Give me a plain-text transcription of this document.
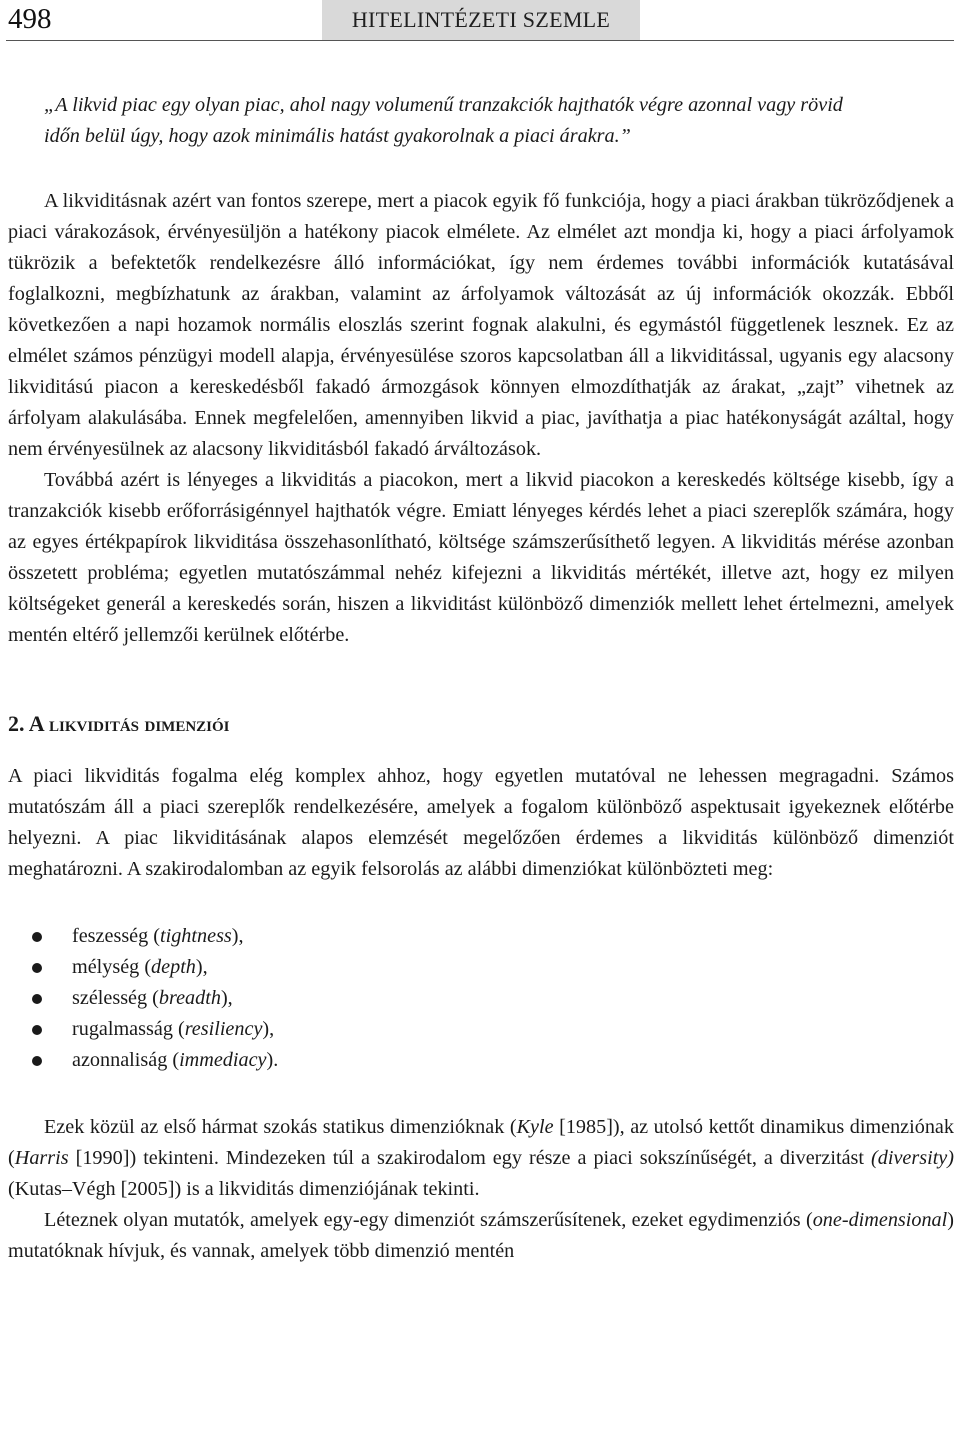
498	HITELINTÉZETI SZEMLE
„A likvid piac egy olyan piac, ahol nagy volumenű tranzakciók hajthatók végre azonnal vagy rövid időn belül úgy, hogy azok minimális hatást gyakorolnak a piaci árakra.”

A likviditásnak azért van fontos szerepe, mert a piacok egyik fő funkciója, hogy a piaci árakban tükröződjenek a piaci várakozások, érvényesüljön a hatékony piacok elmélete. Az elmélet azt mondja ki, hogy a piaci árfolyamok tükrözik a befektetők rendelkezésre álló információkat, így nem érdemes további információk kutatásával foglalkozni, megbízhatunk az árakban, valamint az árfolyamok változását az új információk okozzák. Ebből következően a napi hozamok normális eloszlás szerint fognak alakulni, és egymástól függetlenek lesznek. Ez az elmélet számos pénzügyi modell alapja, érvényesülése szoros kapcsolatban áll a likviditással, ugyanis egy alacsony likviditású piacon a kereskedésből fakadó ármozgások könnyen elmozdíthatják az árakat, „zajt” vihetnek az árfolyam alakulásába. Ennek megfelelően, amennyiben likvid a piac, javíthatja a piac hatékonyságát azáltal, hogy nem érvényesülnek az alacsony likviditásból fakadó árváltozások.

Továbbá azért is lényeges a likviditás a piacokon, mert a likvid piacokon a kereskedés költsége kisebb, így a tranzakciók kisebb erőforrásigénnyel hajthatók végre. Emiatt lényeges kérdés lehet a piaci szereplők számára, hogy az egyes értékpapírok likviditása összehasonlítható, költsége számszerűsíthető legyen. A likviditás mérése azonban összetett probléma; egyetlen mutatószámmal nehéz kifejezni a likviditás mértékét, illetve azt, hogy ez milyen költségeket generál a kereskedés során, hiszen a likviditást különböző dimenziók mellett lehet értelmezni, amelyek mentén eltérő jellemzői kerülnek előtérbe.

2. A likviditás dimenziói

A piaci likviditás fogalma elég komplex ahhoz, hogy egyetlen mutatóval ne lehessen megragadni. Számos mutatószám áll a piaci szereplők rendelkezésére, amelyek a fogalom különböző aspektusait igyekeznek előtérbe helyezni. A piac likviditásának alapos elemzését megelőzően érdemes a likviditás különböző dimenziót meghatározni. A szakirodalomban az egyik felsorolás az alábbi dimenziókat különbözteti meg:

feszesség (tightness),
mélység (depth),
szélesség (breadth),
rugalmasság (resiliency),
azonnaliság (immediacy).

Ezek közül az első hármat szokás statikus dimenzióknak (Kyle [1985]), az utolsó kettőt dinamikus dimenziónak (Harris [1990]) tekinteni. Mindezeken túl a szakirodalom egy része a piaci sokszínűségét, a diverzitást (diversity) (Kutas–Végh [2005]) is a likviditás dimenziójának tekinti.

Léteznek olyan mutatók, amelyek egy-egy dimenziót számszerűsítenek, ezeket egydimenziós (one-dimensional) mutatóknak hívjuk, és vannak, amelyek több dimenzió mentén
